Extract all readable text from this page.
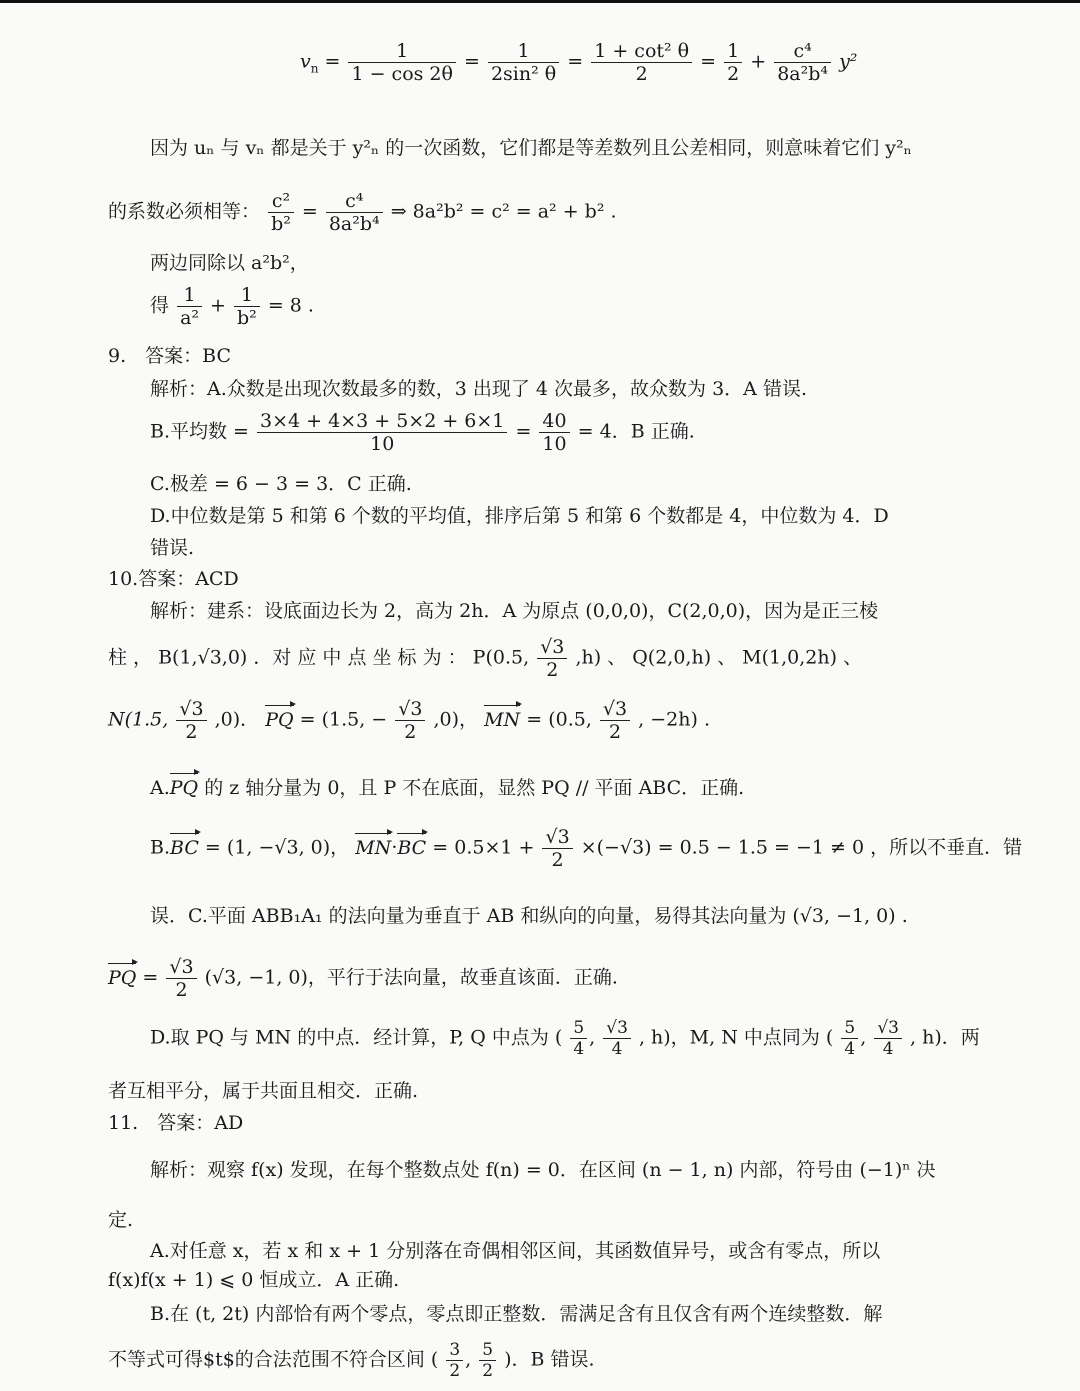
$v_n = \frac{1}{1 - \cos 2\theta} = \frac{1}{\text{2sin² θ}} = \frac{\text{1 + cot² θ}}{2} = \frac{1}{2} + \frac{\text{c⁴}}{\text{8a²b⁴}} y^2$
因为 uₙ 与 vₙ 都是关于 y²ₙ 的一次函数，它们都是等差数列且公差相同，则意味着它们 y²ₙ
的系数必须相等： $\frac{\text{c²}}{\text{b²}} = \frac{\text{c⁴}}{\text{8a²b⁴}}$ ⇒ 8a²b² = c² = a² + b² .
两边同除以 a²b²，
得 $\frac{1}{\text{a²}} + \frac{1}{\text{b²}} = 8$ .
9.　答案：BC
解析：A.众数是出现次数最多的数，3 出现了 4 次最多，故众数为 3．A 错误.
B.平均数 = $\frac{3\times 4 + 4\times 3 + 5\times 2 + 6\times 1}{10} = \frac{40}{10} = 4$．B 正确.
C.极差 = 6 − 3 = 3．C 正确.
D.中位数是第 5 和第 6 个数的平均值，排序后第 5 和第 6 个数都是 4，中位数为 4．D
错误.
10.答案：ACD
解析：建系：设底面边长为 2，高为 2h．A 为原点 (0,0,0)，C(2,0,0)，因为是正三棱
柱 ， B(1,√3,0) ．对 应 中 点 坐 标 为 ： P(0.5, $\frac{√3}{2} ,h$) 、 Q(2,0,h) 、 M(1,0,2h) 、
N(1.5, $\frac{√3}{2} ,0$)． PQ = (1.5, − $\frac{√3}{2} ,0$)， MN = (0.5, $\frac{√3}{2}$ , −2h) .
A.PQ 的 z 轴分量为 0，且 P 不在底面，显然 PQ // 平面 ABC．正确.
B.BC = (1, −√3, 0)， $MN\cdot BC = 0.5\times 1 + \frac{√3}{2} \times(-√3) = 0.5 - 1.5 = -1 \ne 0$ ，所以不垂直．错
误．C.平面 ABB₁A₁ 的法向量为垂直于 AB 和纵向的向量，易得其法向量为 (√3, −1, 0) .
PQ = $\frac{√3}{2} (√3$, −1, 0)，平行于法向量，故垂直该面．正确.
D.取 PQ 与 MN 的中点．经计算，P, Q 中点为 ( $\frac{5}{4}$ , $\frac{√3}{4}$ , h)，M, N 中点同为 ( $\frac{5}{4}$ , $\frac{√3}{4}$ , h)．两
者互相平分，属于共面且相交．正确.
11.　答案：AD
解析：观察 f(x) 发现，在每个整数点处 f(n) = 0．在区间 (n − 1, n) 内部，符号由 (−1)ⁿ 决
定.
A.对任意 x，若 x 和 x + 1 分别落在奇偶相邻区间，其函数值异号，或含有零点，所以
f(x)f(x + 1) ⩽ 0 恒成立．A 正确.
B.在 (t, 2t) 内部恰有两个零点，零点即正整数．需满足含有且仅含有两个连续整数．解
不等式可得$t$的合法范围不符合区间 ( $\frac{3}{2}$ , $\frac{5}{2}$ )．B 错误.
